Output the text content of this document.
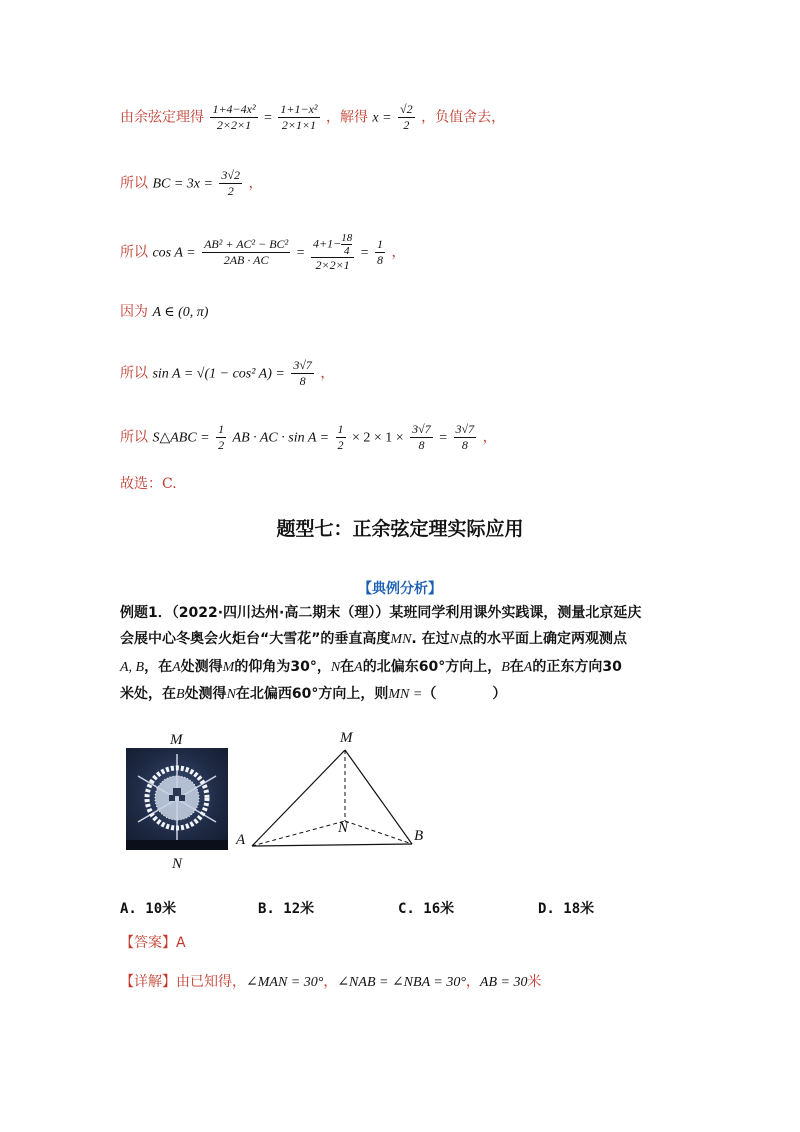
由余弦定理得 $\frac{\text{1+4−4x²}}{2\times 2\times 1} = \frac{\text{1+1−x²}}{2\times 1\times 1}$ ，解得 $x = \frac{√2}{2}$ ，负值舍去，
所以 BC = $3x = \frac{3√2}{2}$ ，
所以 $\cos A = \frac{\text{AB² + AC² − BC²}}{2AB \cdot AC} = \frac{4+1- \frac{18}{4}}{2\times 2\times 1} = \frac{1}{8}$ ，
因为 A ∈ (0, π)
所以 sin A = √(1 − cos² $A) = \frac{3√7}{8}$ ，
所以 S△ABC = $\frac{1}{2}$ AB · AC · $\sin A = \frac{1}{2} \times 2 \times 1 \times \frac{3√7}{8} = \frac{3√7}{8}$ ，
故选：C.
题型七：正余弦定理实际应用
【典例分析】
例题1．（2022·四川达州·高二期末（理））某班同学利用课外实践课，测量北京延庆
会展中心冬奥会火炬台“大雪花”的垂直高度MN. 在过N点的水平面上确定两观测点
A, B，在A处测得M的仰角为30°，N在A的北偏东60°方向上，B在A的正东方向30
米处，在B处测得N在北偏西60°方向上，则MN =（　　　　）
M
N
M
A
N	B
A. 10米	B. 12米	C. 16米	D. 18米
【答案】A
【详解】由已知得，∠MAN = 30°，∠NAB = ∠NBA = 30°，AB = 30米
